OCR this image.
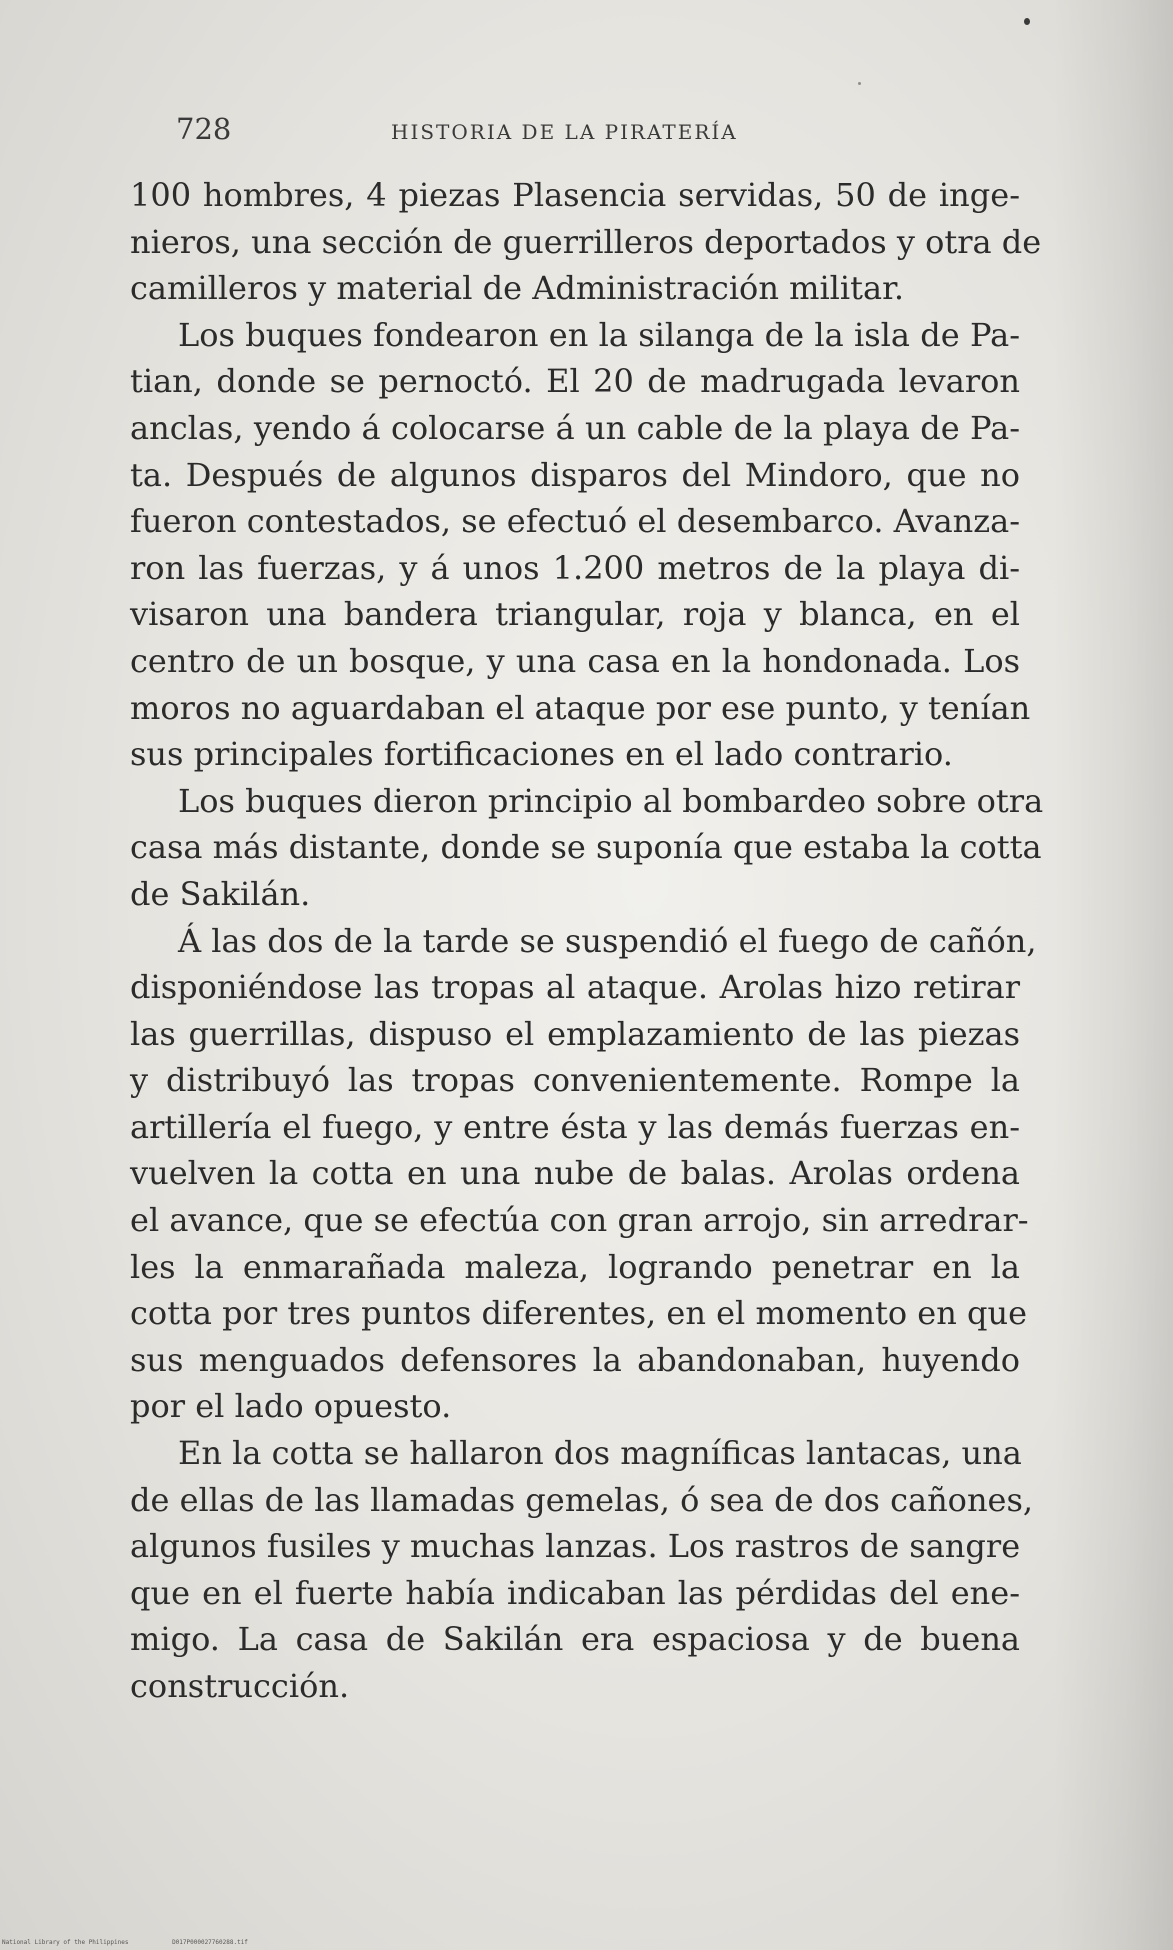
728	HISTORIA DE LA PIRATERÍA
100 hombres, 4 piezas Plasencia servidas, 50 de inge-
nieros, una sección de guerrilleros deportados y otra de
camilleros y material de Administración militar.
Los buques fondearon en la silanga de la isla de Pa-
tian, donde se pernoctó. El 20 de madrugada levaron
anclas, yendo á colocarse á un cable de la playa de Pa-
ta. Después de algunos disparos del Mindoro, que no
fueron contestados, se efectuó el desembarco. Avanza-
ron las fuerzas, y á unos 1.200 metros de la playa di-
visaron una bandera triangular, roja y blanca, en el
centro de un bosque, y una casa en la hondonada. Los
moros no aguardaban el ataque por ese punto, y tenían
sus principales fortificaciones en el lado contrario.
Los buques dieron principio al bombardeo sobre otra
casa más distante, donde se suponía que estaba la cotta
de Sakilán.
Á las dos de la tarde se suspendió el fuego de cañón,
disponiéndose las tropas al ataque. Arolas hizo retirar
las guerrillas, dispuso el emplazamiento de las piezas
y distribuyó las tropas convenientemente. Rompe la
artillería el fuego, y entre ésta y las demás fuerzas en-
vuelven la cotta en una nube de balas. Arolas ordena
el avance, que se efectúa con gran arrojo, sin arredrar-
les la enmarañada maleza, logrando penetrar en la
cotta por tres puntos diferentes, en el momento en que
sus menguados defensores la abandonaban, huyendo
por el lado opuesto.
En la cotta se hallaron dos magníficas lantacas, una
de ellas de las llamadas gemelas, ó sea de dos cañones,
algunos fusiles y muchas lanzas. Los rastros de sangre
que en el fuerte había indicaban las pérdidas del ene-
migo. La casa de Sakilán era espaciosa y de buena
construcción.
National Library of the Philippines	D017P000027760288.tif
